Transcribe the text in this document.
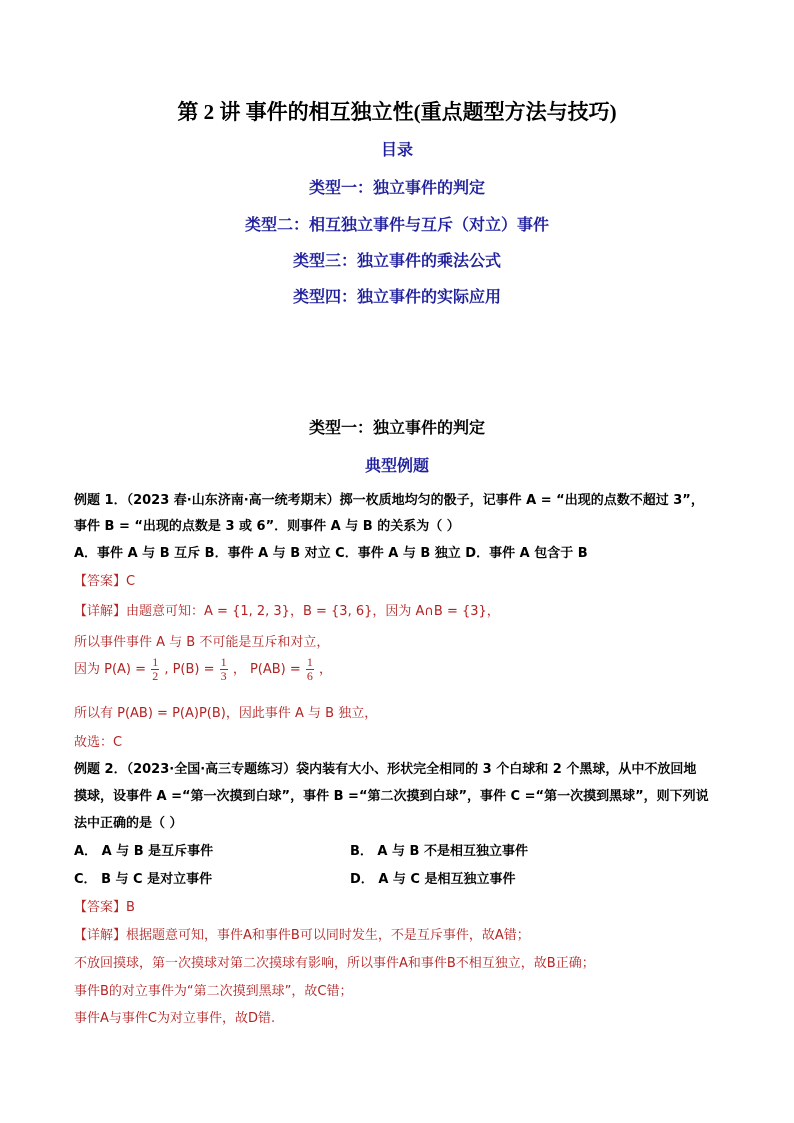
第 2 讲 事件的相互独立性(重点题型方法与技巧)
目录
类型一：独立事件的判定
类型二：相互独立事件与互斥（对立）事件
类型三：独立事件的乘法公式
类型四：独立事件的实际应用
类型一：独立事件的判定
典型例题
例题 1．（2023 春·山东济南·高一统考期末）掷一枚质地均匀的骰子，记事件 A = “出现的点数不超过 3”，
事件 B = “出现的点数是 3 或 6”．则事件 A 与 B 的关系为（ ）
A．事件 A 与 B 互斥 B．事件 A 与 B 对立 C．事件 A 与 B 独立 D．事件 A 包含于 B
【答案】C
【详解】由题意可知：A = {1, 2, 3}，B = {3, 6}，因为 A∩B = {3}，
所以事件事件 A 与 B 不可能是互斥和对立，
因为 $P(A) = \frac{1}{2}$ , $P(B) = \frac{1}{3}$ ， $P(AB) = \frac{1}{6}$ ，
所以有 P(AB) = P(A)P(B)，因此事件 A 与 B 独立，
故选：C
例题 2．（2023·全国·高三专题练习）袋内装有大小、形状完全相同的 3 个白球和 2 个黑球，从中不放回地
摸球，设事件 A =“第一次摸到白球”，事件 B =“第二次摸到白球”，事件 C =“第一次摸到黑球”，则下列说
法中正确的是（ ）
A． A 与 B 是互斥事件	B． A 与 B 不是相互独立事件
C． B 与 C 是对立事件	D． A 与 C 是相互独立事件
【答案】B
【详解】根据题意可知，事件A和事件B可以同时发生，不是互斥事件，故A错；
不放回摸球，第一次摸球对第二次摸球有影响，所以事件A和事件B不相互独立，故B正确；
事件B的对立事件为“第二次摸到黑球”，故C错；
事件A与事件C为对立事件，故D错.
